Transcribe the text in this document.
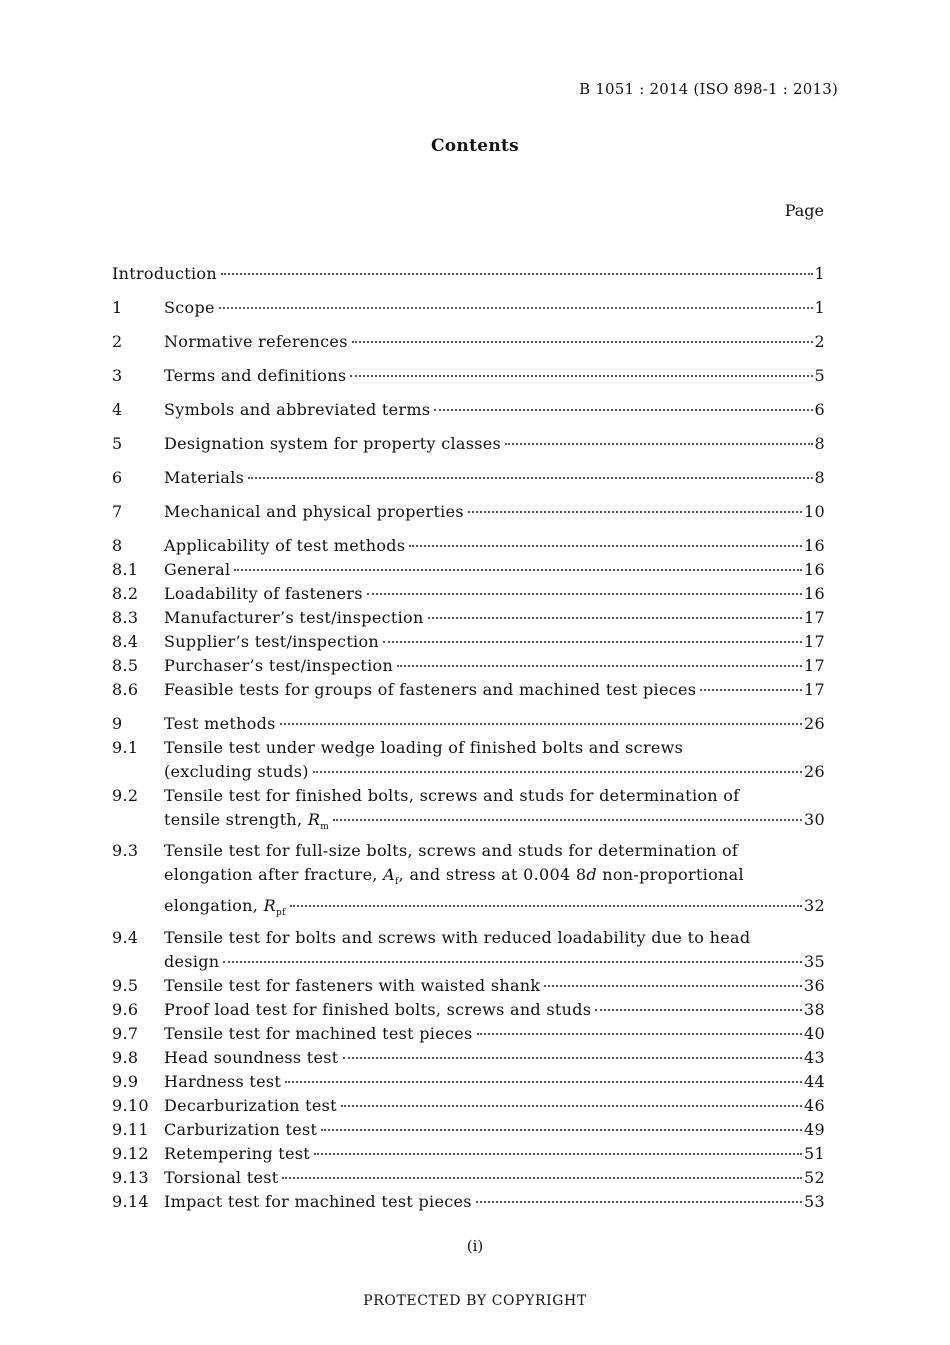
B 1051 : 2014 (ISO 898-1 : 2013)
Contents
Page
Introduction	1
1	Scope	1
2	Normative references	2
3	Terms and definitions	5
4	Symbols and abbreviated terms	6
5	Designation system for property classes	8
6	Materials	8
7	Mechanical and physical properties	10
8	Applicability of test methods	16
8.1	General	16
8.2	Loadability of fasteners	16
8.3	Manufacturer’s test/inspection	17
8.4	Supplier’s test/inspection	17
8.5	Purchaser’s test/inspection	17
8.6	Feasible tests for groups of fasteners and machined test pieces	17
9	Test methods	26
9.1	Tensile test under wedge loading of finished bolts and screws
(excluding studs)	26
9.2	Tensile test for finished bolts, screws and studs for determination of
tensile strength, $R_m$	30
9.3	Tensile test for full-size bolts, screws and studs for determination of
elongation after fracture, $A_f$, and stress at 0.004 8d non-proportional
elongation, $R_{pf}$	32
9.4	Tensile test for bolts and screws with reduced loadability due to head
design	35
9.5	Tensile test for fasteners with waisted shank	36
9.6	Proof load test for finished bolts, screws and studs	38
9.7	Tensile test for machined test pieces	40
9.8	Head soundness test	43
9.9	Hardness test	44
9.10 Decarburization test	46
9.11 Carburization test	49
9.12 Retempering test	51
9.13 Torsional test	52
9.14 Impact test for machined test pieces	53
(i)
PROTECTED BY COPYRIGHT
